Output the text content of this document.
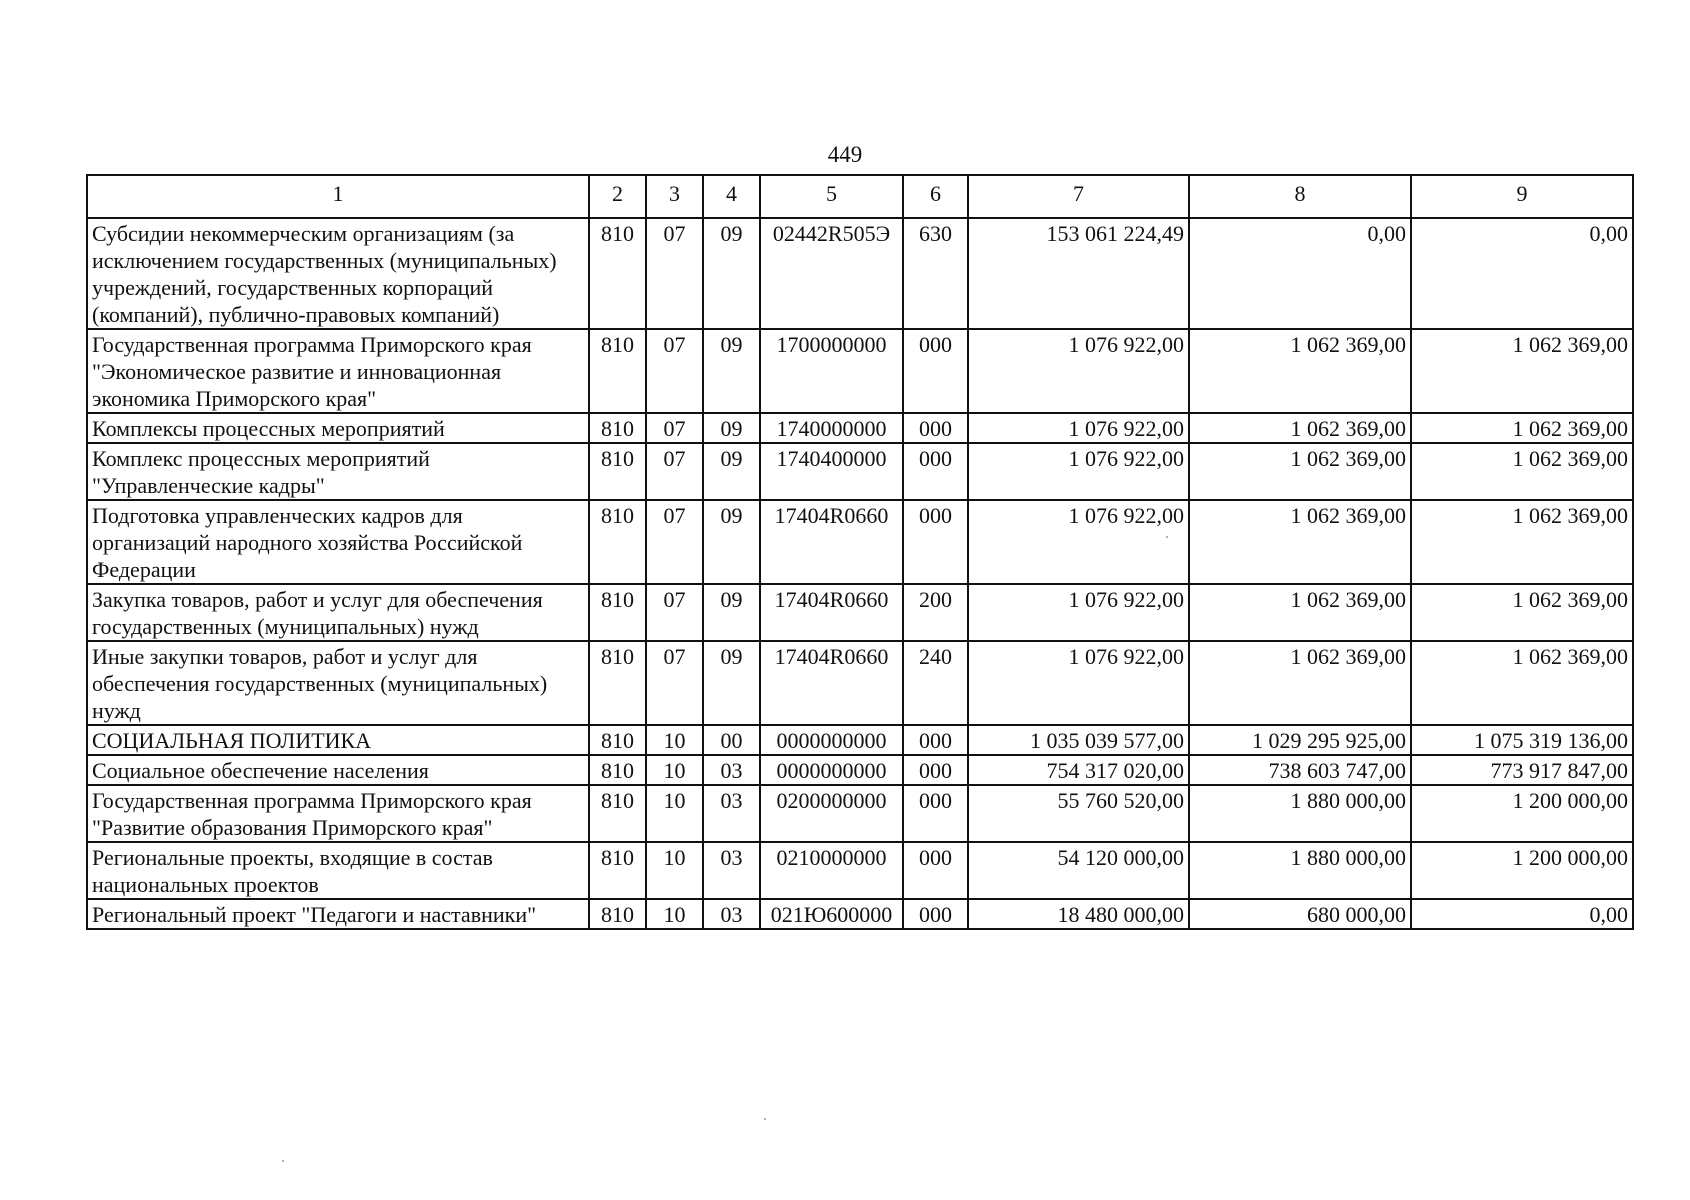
449
1	2	3	4	5	6	7	8	9
Субсидии некоммерческим организациям (за исключением государственных (муниципальных) учреждений, государственных корпораций (компаний), публично-правовых компаний)	810	07	09	02442R505Э	630	153 061 224,49	0,00	0,00
Государственная программа Приморского края "Экономическое развитие и инновационная экономика Приморского края"	810	07	09	1700000000	000	1 076 922,00	1 062 369,00	1 062 369,00
Комплексы процессных мероприятий	810	07	09	1740000000	000	1 076 922,00	1 062 369,00	1 062 369,00
Комплекс процессных мероприятий "Управленческие кадры"	810	07	09	1740400000	000	1 076 922,00	1 062 369,00	1 062 369,00
Подготовка управленческих кадров для организаций народного хозяйства Российской Федерации	810	07	09	17404R0660	000	1 076 922,00	1 062 369,00	1 062 369,00
Закупка товаров, работ и услуг для обеспечения государственных (муниципальных) нужд	810	07	09	17404R0660	200	1 076 922,00	1 062 369,00	1 062 369,00
Иные закупки товаров, работ и услуг для обеспечения государственных (муниципальных) нужд	810	07	09	17404R0660	240	1 076 922,00	1 062 369,00	1 062 369,00
СОЦИАЛЬНАЯ ПОЛИТИКА	810	10	00	0000000000	000	1 035 039 577,00	1 029 295 925,00	1 075 319 136,00
Социальное обеспечение населения	810	10	03	0000000000	000	754 317 020,00	738 603 747,00	773 917 847,00
Государственная программа Приморского края "Развитие образования Приморского края"	810	10	03	0200000000	000	55 760 520,00	1 880 000,00	1 200 000,00
Региональные проекты, входящие в состав национальных проектов	810	10	03	0210000000	000	54 120 000,00	1 880 000,00	1 200 000,00
Региональный проект "Педагоги и наставники"	810	10	03	021Ю600000	000	18 480 000,00	680 000,00	0,00
